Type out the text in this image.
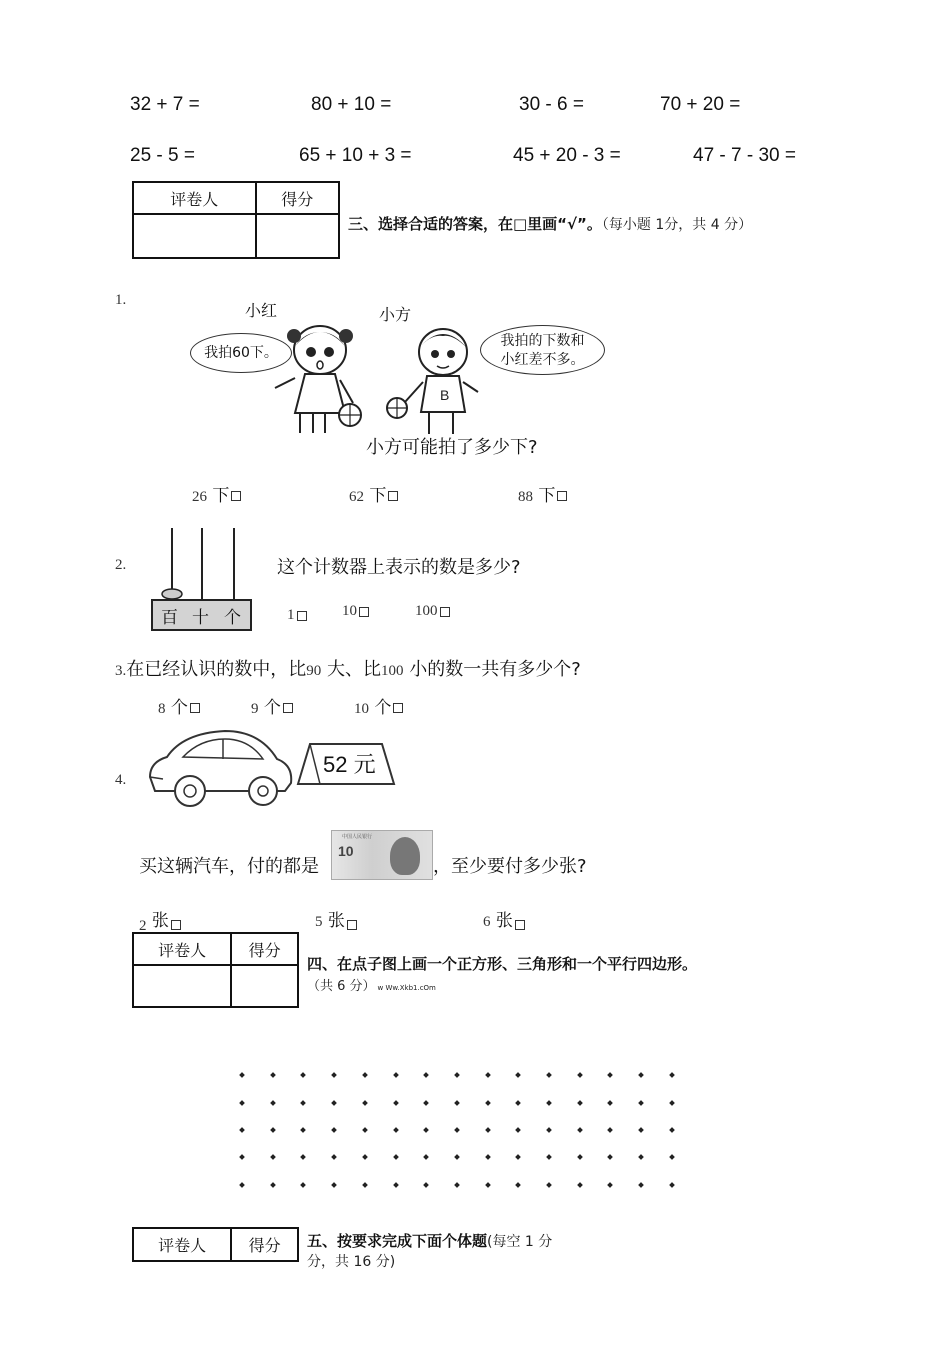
32 + 7 =	80 + 10 =	30 - 6 =	70 + 20 =
25 - 5 =	65 + 10 + 3 =	45 + 20 - 3 =	47 - 7 - 30 =
评卷人	得分

三、选择合适的答案，在□里画“√”。（每小题 1分，共 4 分）
1.
小红	小方
我拍60下。
我拍的下数和
小红差不多。
B
小方可能拍了多少下?
26 下	62 下	88 下
2.
百 十 个
这个计数器上表示的数是多少?
1	10	100
3.在已经认识的数中，比90 大、比100 小的数一共有多少个?
8 个	9 个	10 个
4.
52 元
买这辆汽车，付的都是
10
中国人民银行
，至少要付多少张?
2 张	5 张	6 张
评卷人	得分

四、在点子图上画一个正方形、三角形和一个平行四边形。
（共 6 分） w Ww.Xkb1.cOm
评卷人	得分 五、按要求完成下面个体题(每空 1 分
分，共 16 分)
